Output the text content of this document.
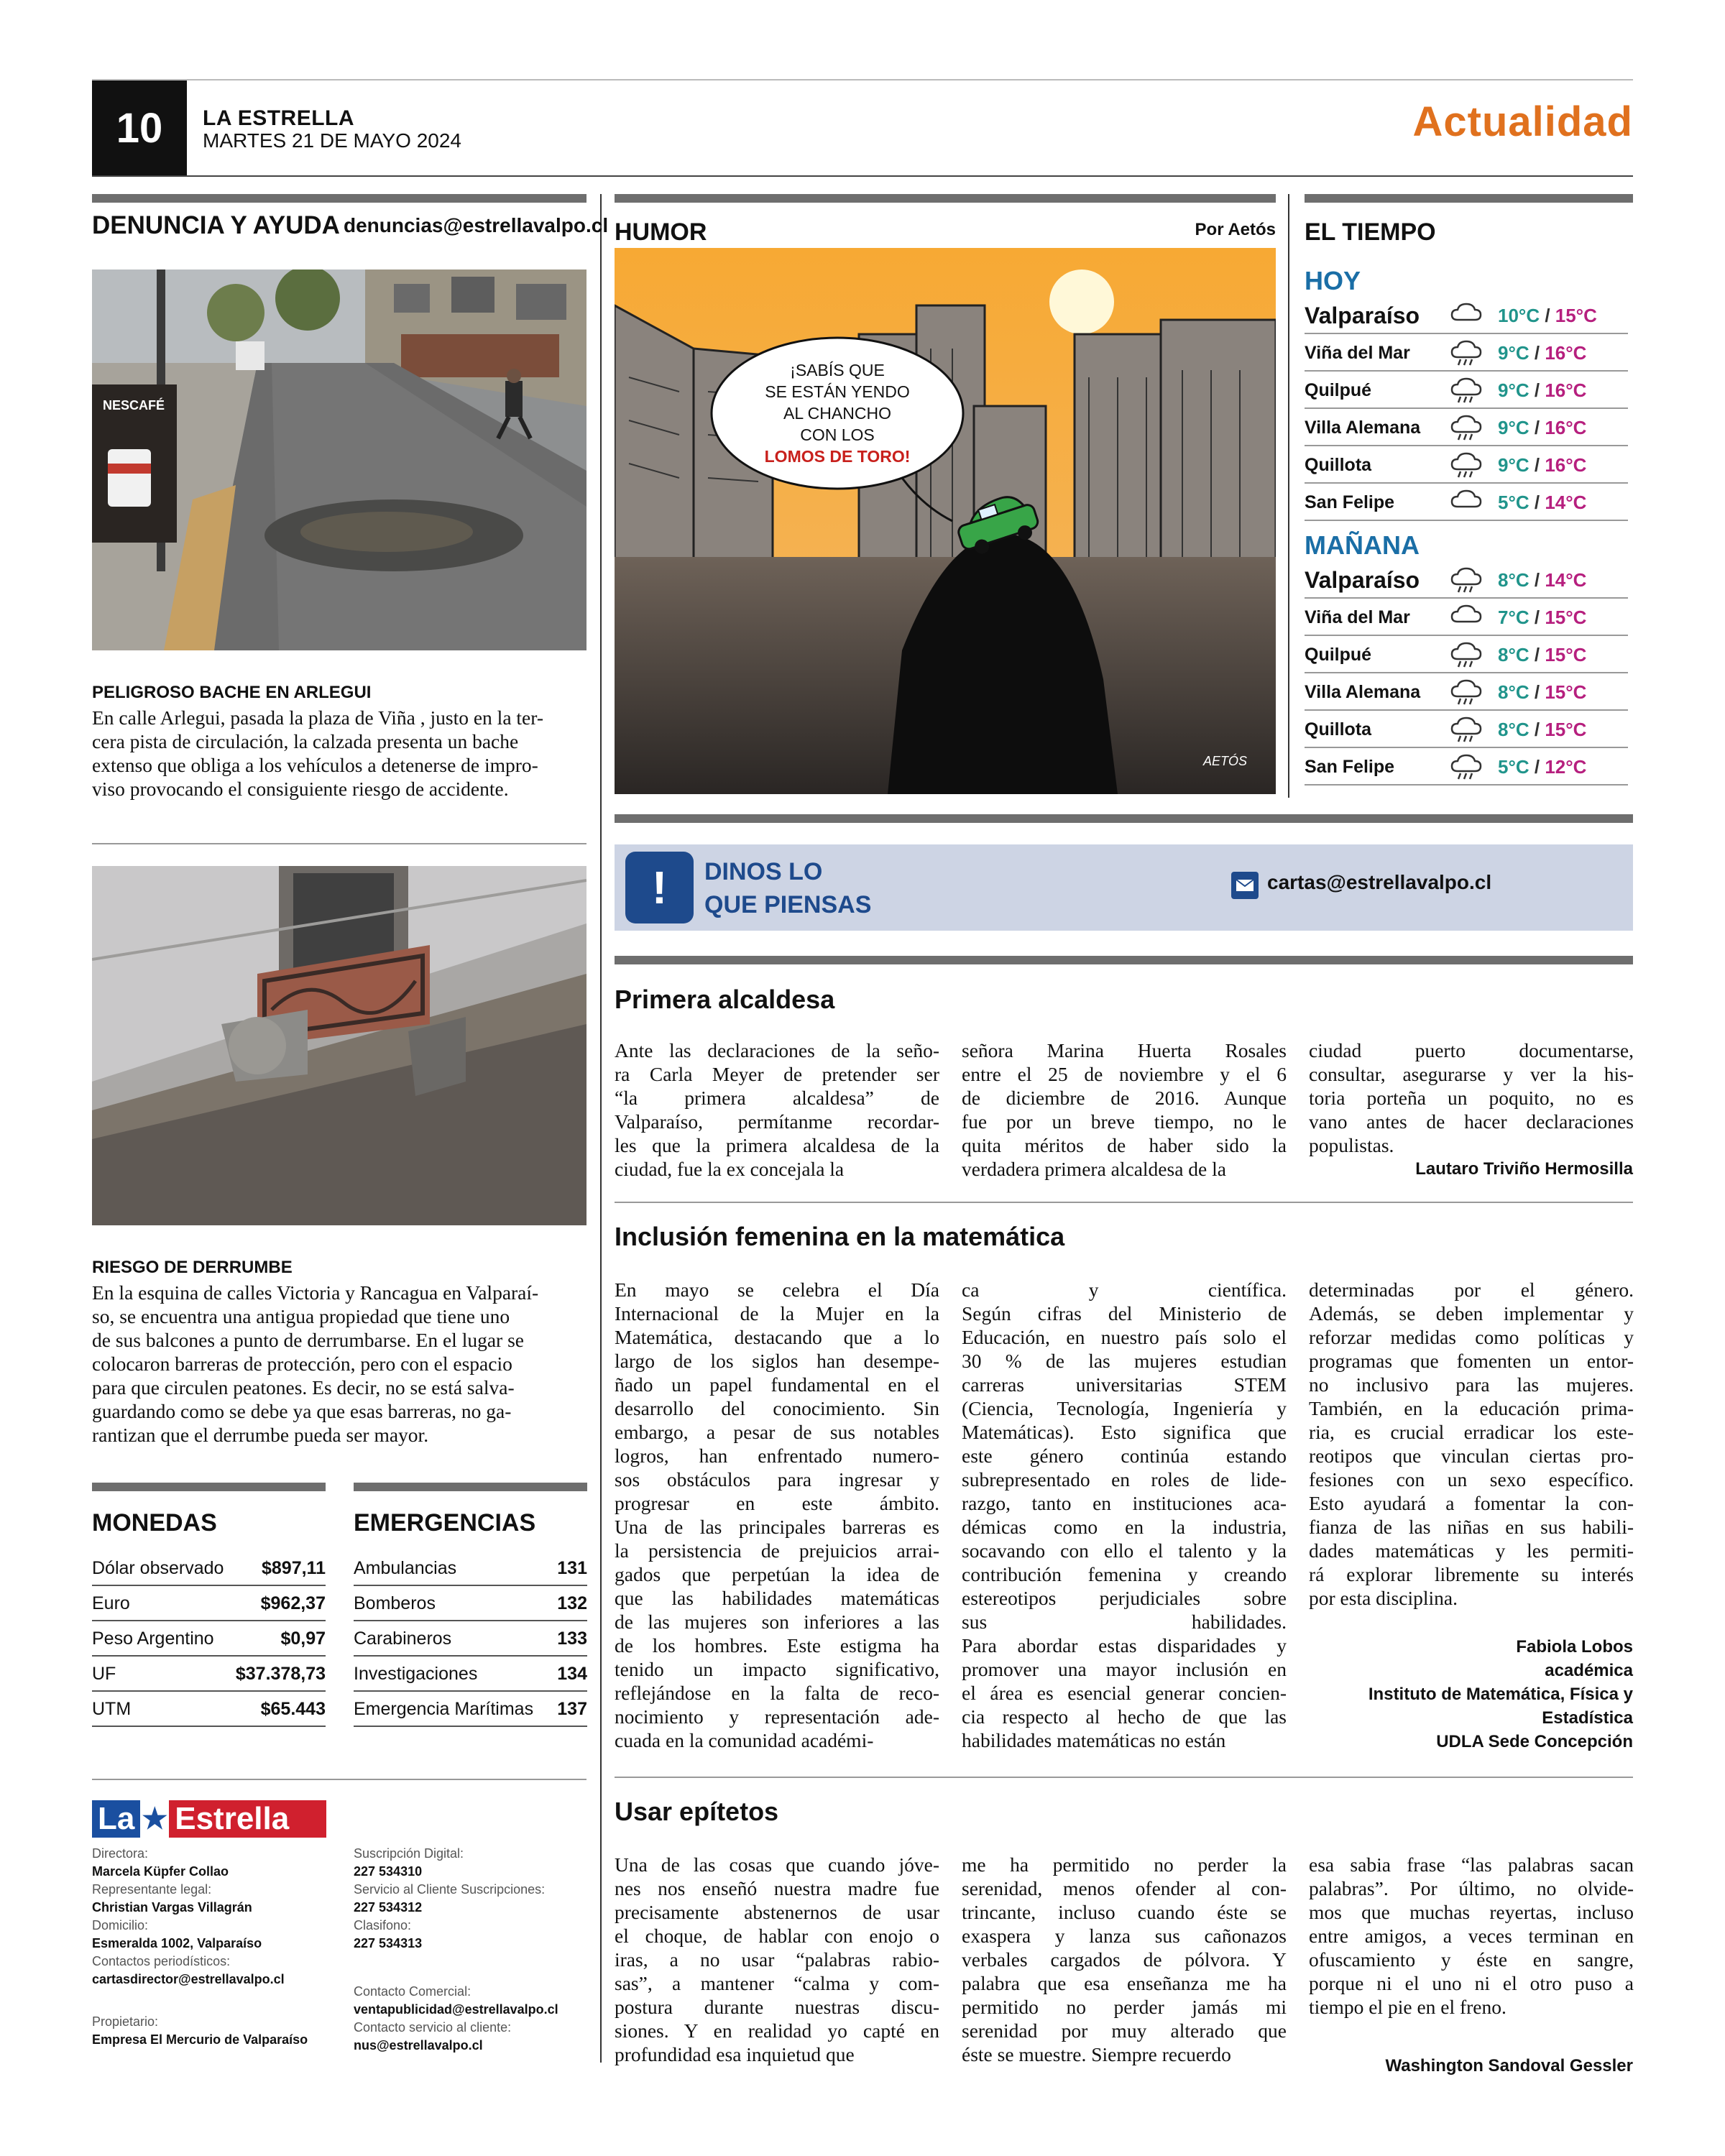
10	LA ESTRELLA
MARTES 21 DE MAYO 2024	Actualidad
DENUNCIA Y AYUDA denuncias@estrellavalpo.cl
NESCAFÉ
PELIGROSO BACHE EN ARLEGUI
En calle Arlegui, pasada la plaza de Viña , justo en la ter-
cera pista de circulación, la calzada presenta un bache
extenso que obliga a los vehículos a detenerse de impro-
viso provocando el consiguiente riesgo de accidente.
RIESGO DE DERRUMBE
En la esquina de calles Victoria y Rancagua en Valparaí-
so, se encuentra una antigua propiedad que tiene uno
de sus balcones a punto de derrumbarse. En el lugar se
colocaron barreras de protección, pero con el espacio
para que circulen peatones. Es decir, no se está salva-
guardando como se debe ya que esas barreras, no ga-
rantizan que el derrumbe pueda ser mayor.
MONEDAS
Dólar observado $897,11
Euro	$962,37
Peso Argentino	$0,97
UF	$37.378,73
UTM	$65.443
EMERGENCIAS
Ambulancias	131
Bomberos	132
Carabineros	133
Investigaciones	134
Emergencia Marítimas 137
La ★ Estrella
Directora:
Marcela Küpfer Collao
Representante legal:
Christian Vargas Villagrán
Domicilio:
Esmeralda 1002, Valparaíso
Contactos periodísticos:
cartasdirector@estrellavalpo.cl
Propietario:
Empresa El Mercurio de Valparaíso
Suscripción Digital:
227 534310
Servicio al Cliente Suscripciones:
227 534312
Clasifono:
227 534313
Contacto Comercial:
ventapublicidad@estrellavalpo.cl
Contacto servicio al cliente:
nus@estrellavalpo.cl
HUMOR	Por Aetós
¡SABÍS QUE
SE ESTÁN YENDO
AL CHANCHO
CON LOS
LOMOS DE TORO!
AETÓS
EL TIEMPO
HOY
Valparaíso	10°C / 15°C
Viña del Mar	9°C / 16°C
Quilpué	9°C / 16°C
Villa Alemana	9°C / 16°C
Quillota	9°C / 16°C
San Felipe	5°C / 14°C
MAÑANA
Valparaíso	8°C / 14°C
Viña del Mar	7°C / 15°C
Quilpué	8°C / 15°C
Villa Alemana	8°C / 15°C
Quillota	8°C / 15°C
San Felipe	5°C / 12°C
!	DINOS LO
QUE PIENSAS
cartas@estrellavalpo.cl
Primera alcaldesa
Ante las declaraciones de la seño-
ra Carla Meyer de pretender ser
“la primera alcaldesa” de
Valparaíso, permítanme recordar-
les que la primera alcaldesa de la
ciudad, fue la ex concejala la
señora Marina Huerta Rosales
entre el 25 de noviembre y el 6
de diciembre de 2016. Aunque
fue por un breve tiempo, no le
quita méritos de haber sido la
verdadera primera alcaldesa de la
ciudad puerto documentarse,
consultar, asegurarse y ver la his-
toria porteña un poquito, no es
vano antes de hacer declaraciones
populistas.
Lautaro Triviño Hermosilla
Inclusión femenina en la matemática
En mayo se celebra el Día
Internacional de la Mujer en la
Matemática, destacando que a lo
largo de los siglos han desempe-
ñado un papel fundamental en el
desarrollo del conocimiento. Sin
embargo, a pesar de sus notables
logros, han enfrentado numero-
sos obstáculos para ingresar y
progresar en este ámbito.
Una de las principales barreras es
la persistencia de prejuicios arrai-
gados que perpetúan la idea de
que las habilidades matemáticas
de las mujeres son inferiores a las
de los hombres. Este estigma ha
tenido un impacto significativo,
reflejándose en la falta de reco-
nocimiento y representación ade-
cuada en la comunidad académi-
ca y científica.
Según cifras del Ministerio de
Educación, en nuestro país solo el
30 % de las mujeres estudian
carreras universitarias STEM
(Ciencia, Tecnología, Ingeniería y
Matemáticas). Esto significa que
este género continúa estando
subrepresentado en roles de lide-
razgo, tanto en instituciones aca-
démicas como en la industria,
socavando con ello el talento y la
contribución femenina y creando
estereotipos perjudiciales sobre
sus habilidades.
Para abordar estas disparidades y
promover una mayor inclusión en
el área es esencial generar concien-
cia respecto al hecho de que las
habilidades matemáticas no están
determinadas por el género.
Además, se deben implementar y
reforzar medidas como políticas y
programas que fomenten un entor-
no inclusivo para las mujeres.
También, en la educación prima-
ria, es crucial erradicar los este-
reotipos que vinculan ciertas pro-
fesiones con un sexo específico.
Esto ayudará a fomentar la con-
fianza de las niñas en sus habili-
dades matemáticas y les permiti-
rá explorar libremente su interés
por esta disciplina.
Fabiola Lobos
académica
Instituto de Matemática, Física y
Estadística
UDLA Sede Concepción
Usar epítetos
Una de las cosas que cuando jóve-
nes nos enseñó nuestra madre fue
precisamente abstenernos de usar
el choque, de hablar con enojo o
iras, a no usar “palabras rabio-
sas”, a mantener “calma y com-
postura durante nuestras discu-
siones. Y en realidad yo capté en
profundidad esa inquietud que
me ha permitido no perder la
serenidad, menos ofender al con-
trincante, incluso cuando éste se
exaspera y lanza sus cañonazos
verbales cargados de pólvora. Y
palabra que esa enseñanza me ha
permitido no perder jamás mi
serenidad por muy alterado que
éste se muestre. Siempre recuerdo
esa sabia frase “las palabras sacan
palabras”. Por último, no olvide-
mos que muchas reyertas, incluso
entre amigos, a veces terminan en
ofuscamiento y éste en sangre,
porque ni el uno ni el otro puso a
tiempo el pie en el freno.
Washington Sandoval Gessler
